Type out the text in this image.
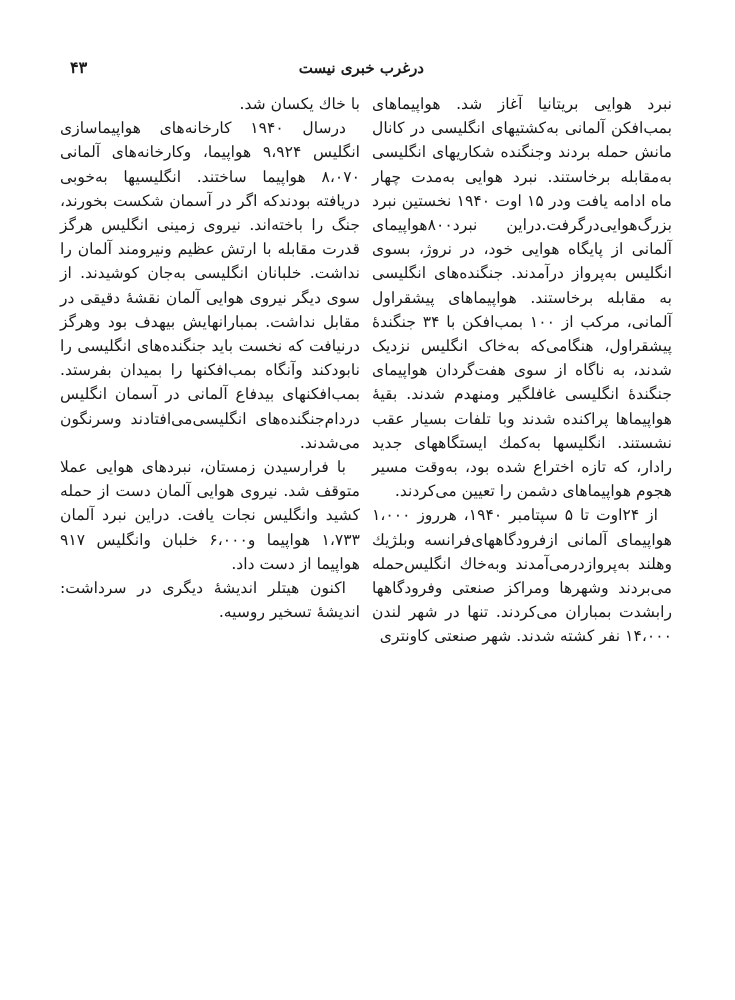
درغرب خبری نیست
۴۳

نبرد هوایی بریتانیا آغاز شد. هواپیماهای بمب‌افکن آلمانی به‌کشتیهای انگلیسی در کانال مانش حمله بردند وجنگنده شکاریهای انگلیسی به‌مقابله برخاستند. نبرد هوایی به‌مدت چهار ماه ادامه یافت ودر ۱۵ اوت ۱۹۴۰ نخستین نبرد بزرگ‌هوایی‌درگرفت.دراین نبرد۸۰۰هواپیمای آلمانی از پایگاه هوایی خود، در نروژ، بسوی انگلیس به‌پرواز درآمدند. جنگنده‌های انگلیسی به مقابله برخاستند. هواپیماهای پیشقراول آلمانی، مرکب از ۱۰۰ بمب‌افکن با ۳۴ جنگندهٔ پیشقراول، هنگامی‌که به‌خاک انگلیس نزدیک شدند، به ناگاه از سوی هفت‌گردان هواپیمای جنگندهٔ انگلیسی غافلگیر ومنهدم شدند. بقیهٔ هواپیماها پراکنده شدند وبا تلفات بسیار عقب نشستند. انگلیسها به‌کمك ایستگاههای جدید رادار، که تازه اختراع شده بود، به‌وقت مسیر هجوم هواپیماهای دشمن را تعیین می‌کردند.

از ۲۴اوت تا ۵ سپتامبر ۱۹۴۰، هرروز ۱،۰۰۰ هواپیمای آلمانی ازفرودگاههای‌فرانسه وبلژیك وهلند به‌پروازدرمی‌آمدند وبه‌خاك انگلیس‌حمله می‌بردند وشهرها ومراکز صنعتی وفرودگاهها رابشدت بمباران می‌کردند. تنها در شهر لندن ۱۴،۰۰۰ نفر کشته شدند. شهر صنعتی کاونتری

با خاك یکسان شد.

درسال ۱۹۴۰ کارخانه‌های هواپیماسازی انگلیس ۹،۹۲۴ هواپیما، وکارخانه‌های آلمانی ۸،۰۷۰ هواپیما ساختند. انگلیسیها به‌خوبی دریافته بودندکه اگر در آسمان شکست بخورند، جنگ را باخته‌اند. نیروی زمینی انگلیس هرگز قدرت مقابله با ارتش عظیم ونیرومند آلمان را نداشت. خلبانان انگلیسی به‌جان کوشیدند. از سوی دیگر نیروی هوایی آلمان نقشهٔ دقیقی در مقابل نداشت. بمبارانهایش بیهدف بود وهرگز درنیافت که نخست باید جنگنده‌های انگلیسی را نابودکند وآنگاه بمب‌افکنها را بمیدان بفرستد. بمب‌افکنهای بیدفاع آلمانی در آسمان انگلیس دردام‌جنگنده‌های انگلیسی‌می‌افتادند وسرنگون می‌شدند.

با فرارسیدن زمستان، نبردهای هوایی عملا متوقف شد. نیروی هوایی آلمان دست از حمله کشید وانگلیس نجات یافت. دراین نبرد آلمان ۱،۷۳۳ هواپیما و۶،۰۰۰ خلبان وانگلیس ۹۱۷ هواپیما از دست داد.

اکنون هیتلر اندیشهٔ دیگری در سرداشت: اندیشهٔ تسخیر روسیه.
